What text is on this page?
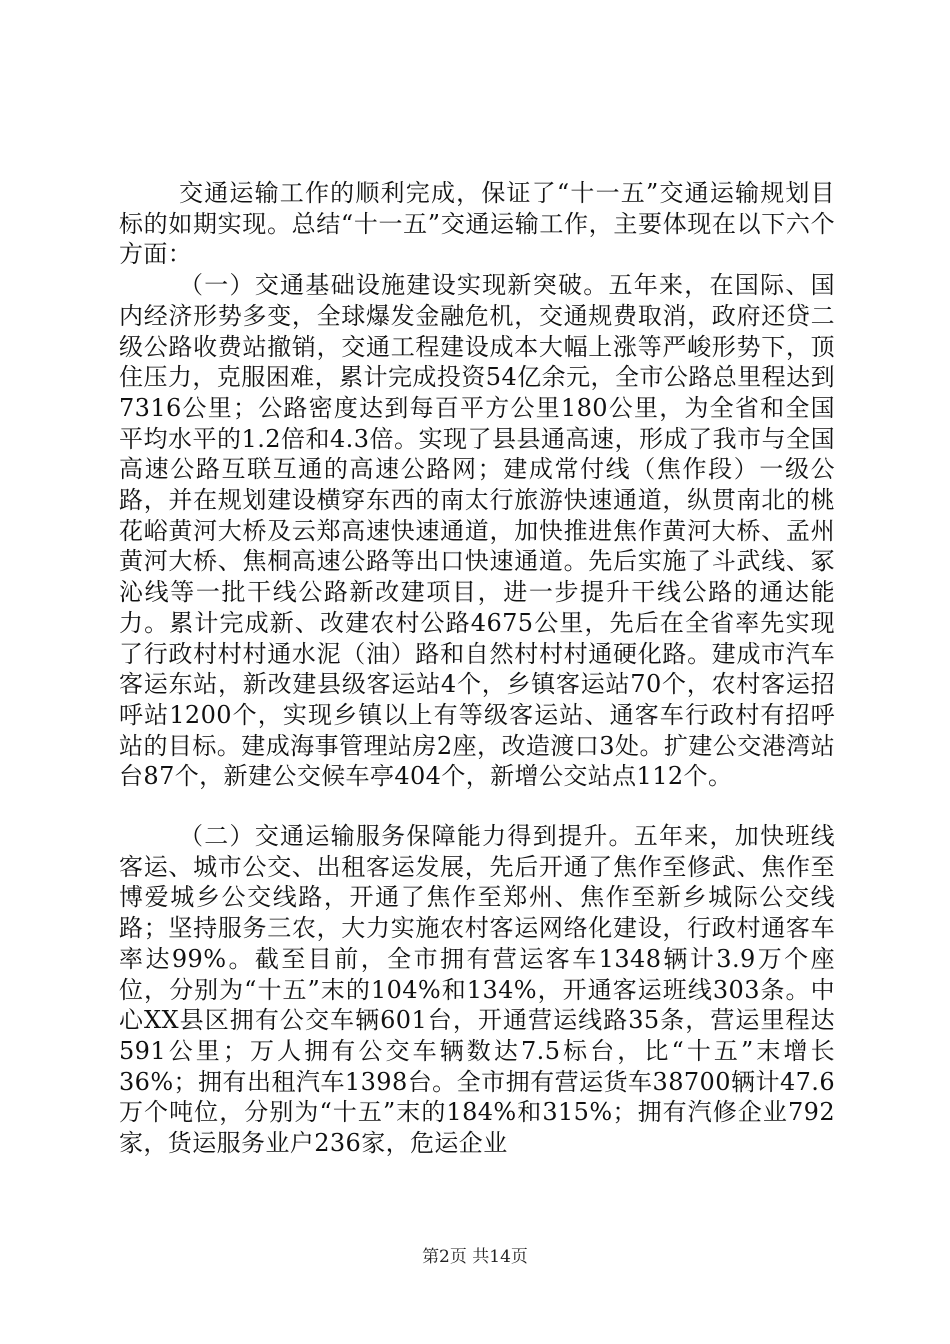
交通运输工作的顺利完成，保证了“十一五”交通运输规划目标的如期实现。总结“十一五”交通运输工作，主要体现在以下六个方面：

（一）交通基础设施建设实现新突破。五年来，在国际、国内经济形势多变，全球爆发金融危机，交通规费取消，政府还贷二级公路收费站撤销，交通工程建设成本大幅上涨等严峻形势下，顶住压力，克服困难，累计完成投资54亿余元，全市公路总里程达到7316公里；公路密度达到每百平方公里180公里，为全省和全国平均水平的1.2倍和4.3倍。实现了县县通高速，形成了我市与全国高速公路互联互通的高速公路网；建成常付线（焦作段）一级公路，并在规划建设横穿东西的南太行旅游快速通道，纵贯南北的桃花峪黄河大桥及云郑高速快速通道，加快推进焦作黄河大桥、孟州黄河大桥、焦桐高速公路等出口快速通道。先后实施了斗武线、冢沁线等一批干线公路新改建项目，进一步提升干线公路的通达能力。累计完成新、改建农村公路4675公里，先后在全省率先实现了行政村村村通水泥（油）路和自然村村村通硬化路。建成市汽车客运东站，新改建县级客运站4个，乡镇客运站70个，农村客运招呼站1200个，实现乡镇以上有等级客运站、通客车行政村有招呼站的目标。建成海事管理站房2座，改造渡口3处。扩建公交港湾站台87个，新建公交候车亭404个，新增公交站点112个。

（二）交通运输服务保障能力得到提升。五年来，加快班线客运、城市公交、出租客运发展，先后开通了焦作至修武、焦作至博爱城乡公交线路，开通了焦作至郑州、焦作至新乡城际公交线路；坚持服务三农，大力实施农村客运网络化建设，行政村通客车率达99%。截至目前，全市拥有营运客车1348辆计3.9万个座位，分别为“十五”末的104%和134%，开通客运班线303条。中心XX县区拥有公交车辆601台，开通营运线路35条，营运里程达591公里；万人拥有公交车辆数达7.5标台，比“十五”末增长36%；拥有出租汽车1398台。全市拥有营运货车38700辆计47.6万个吨位，分别为“十五”末的184%和315%；拥有汽修企业792家，货运服务业户236家，危运企业

第2页 共14页
